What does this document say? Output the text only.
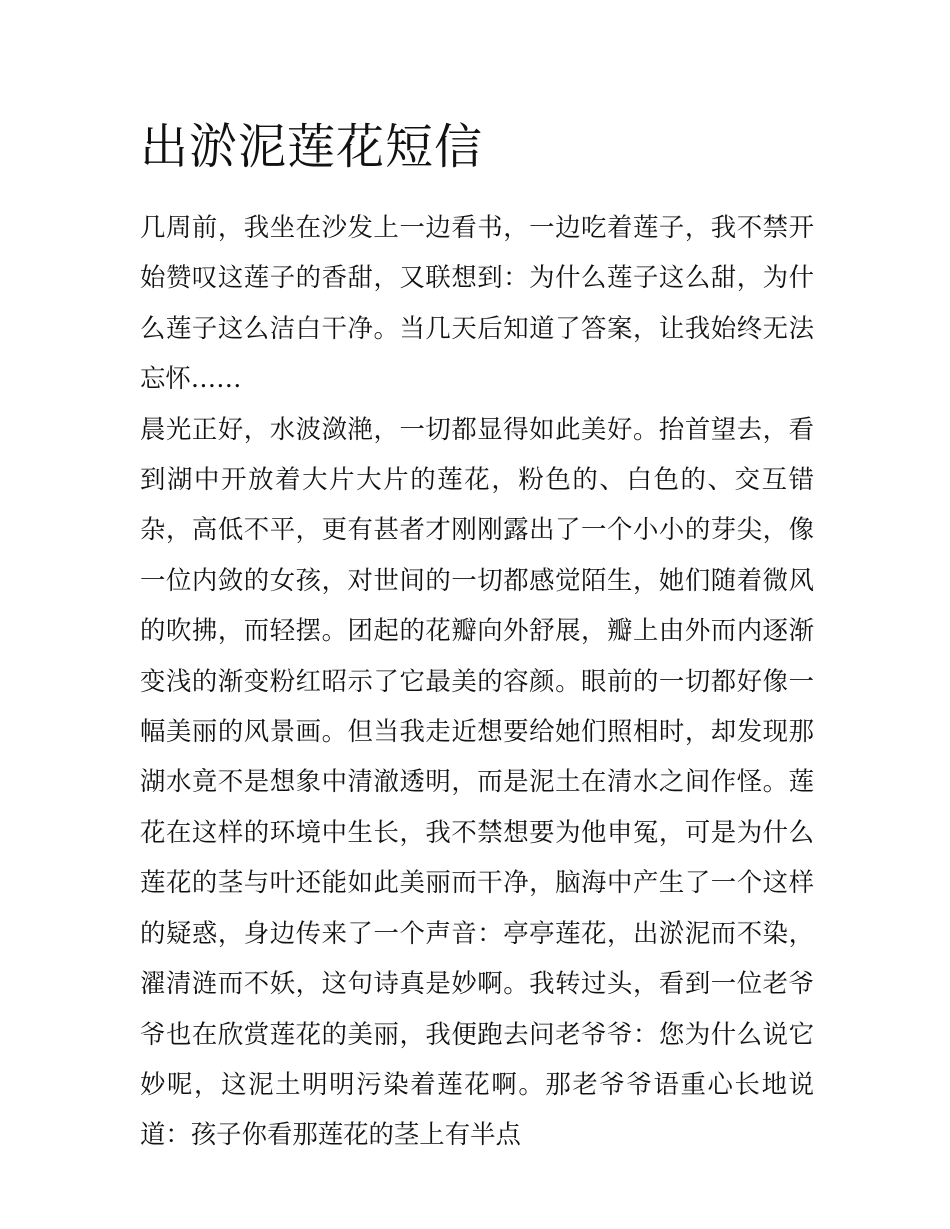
出淤泥莲花短信

几周前，我坐在沙发上一边看书，一边吃着莲子，我不禁开始赞叹这莲子的香甜，又联想到：为什么莲子这么甜，为什么莲子这么洁白干净。当几天后知道了答案，让我始终无法忘怀……

晨光正好，水波潋滟，一切都显得如此美好。抬首望去，看到湖中开放着大片大片的莲花，粉色的、白色的、交互错杂，高低不平，更有甚者才刚刚露出了一个小小的芽尖，像一位内敛的女孩，对世间的一切都感觉陌生，她们随着微风的吹拂，而轻摆。团起的花瓣向外舒展，瓣上由外而内逐渐变浅的渐变粉红昭示了它最美的容颜。眼前的一切都好像一幅美丽的风景画。但当我走近想要给她们照相时，却发现那湖水竟不是想象中清澈透明，而是泥土在清水之间作怪。莲花在这样的环境中生长，我不禁想要为他申冤，可是为什么莲花的茎与叶还能如此美丽而干净，脑海中产生了一个这样的疑惑，身边传来了一个声音：亭亭莲花，出淤泥而不染，濯清涟而不妖，这句诗真是妙啊。我转过头，看到一位老爷爷也在欣赏莲花的美丽，我便跑去问老爷爷：您为什么说它妙呢，这泥土明明污染着莲花啊。那老爷爷语重心长地说道：孩子你看那莲花的茎上有半点
